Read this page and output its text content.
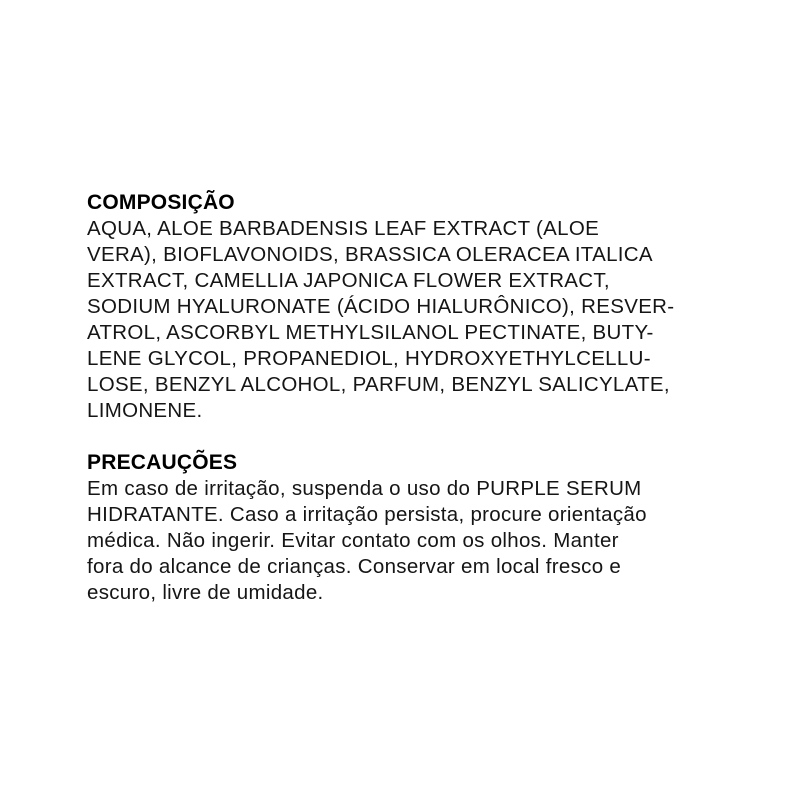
COMPOSIÇÃO
AQUA, ALOE BARBADENSIS LEAF EXTRACT (ALOE
VERA), BIOFLAVONOIDS, BRASSICA OLERACEA ITALICA
EXTRACT, CAMELLIA JAPONICA FLOWER EXTRACT,
SODIUM HYALURONATE (ÁCIDO HIALURÔNICO), RESVER-
ATROL, ASCORBYL METHYLSILANOL PECTINATE, BUTY-
LENE GLYCOL, PROPANEDIOL, HYDROXYETHYLCELLU-
LOSE, BENZYL ALCOHOL, PARFUM, BENZYL SALICYLATE,
LIMONENE.
PRECAUÇÕES
Em caso de irritação, suspenda o uso do PURPLE SERUM
HIDRATANTE. Caso a irritação persista, procure orientação
médica. Não ingerir. Evitar contato com os olhos. Manter
fora do alcance de crianças. Conservar em local fresco e
escuro, livre de umidade.
